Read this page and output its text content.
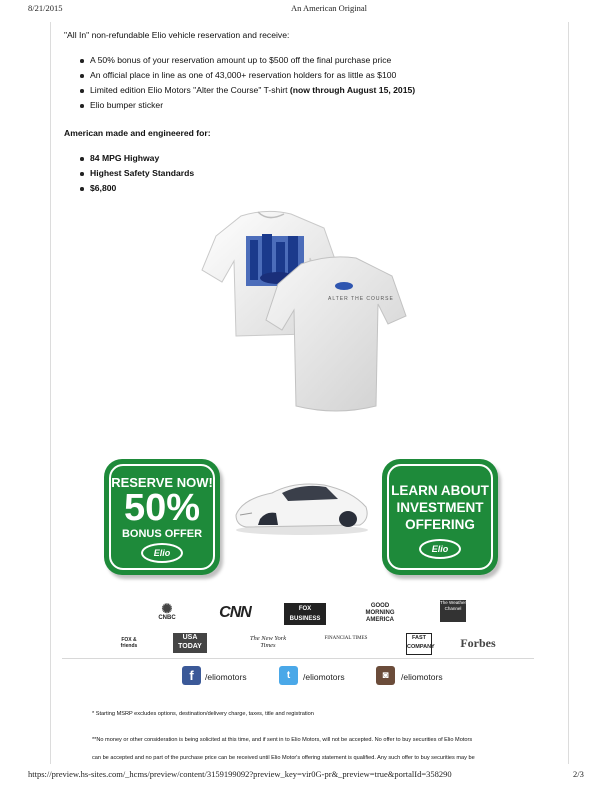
8/21/2015	An American Original
"All In" non-refundable Elio vehicle reservation and receive:
A 50% bonus of your reservation amount up to $500 off the final purchase price
An official place in line as one of 43,000+ reservation holders for as little as $100
Limited edition Elio Motors "Alter the Course" T-shirt (now through August 15, 2015)
Elio bumper sticker
American made and engineered for:
84 MPG Highway
Highest Safety Standards
$6,800
ALTER THE COURSE
RESERVE NOW!
50%
BONUS OFFER
Elio
LEARN ABOUT
INVESTMENT
OFFERING
Elio
✺
CNBC	CNN	FOX BUSINESS
GOOD MORNING AMERICA
The Weather Channel
FOX & friends
USA TODAY
The New York Times
FINANCIAL TIMES	FAST COMPANY Forbes
f	/eliomotors	t	/eliomotors	◙	/eliomotors
* Starting MSRP excludes options, destination/delivery charge, taxes, title and registration
**No money or other consideration is being solicited at this time, and if sent in to Elio Motors, will not be accepted. No offer to buy securities of Elio Motors
can be accepted and no part of the purchase price can be received until Elio Motor's offering statement is qualified. Any such offer to buy securities may be
https://preview.hs-sites.com/_hcms/preview/content/3159199092?preview_key=vir0G-pr&_preview=true&portalId=358290	2/3
